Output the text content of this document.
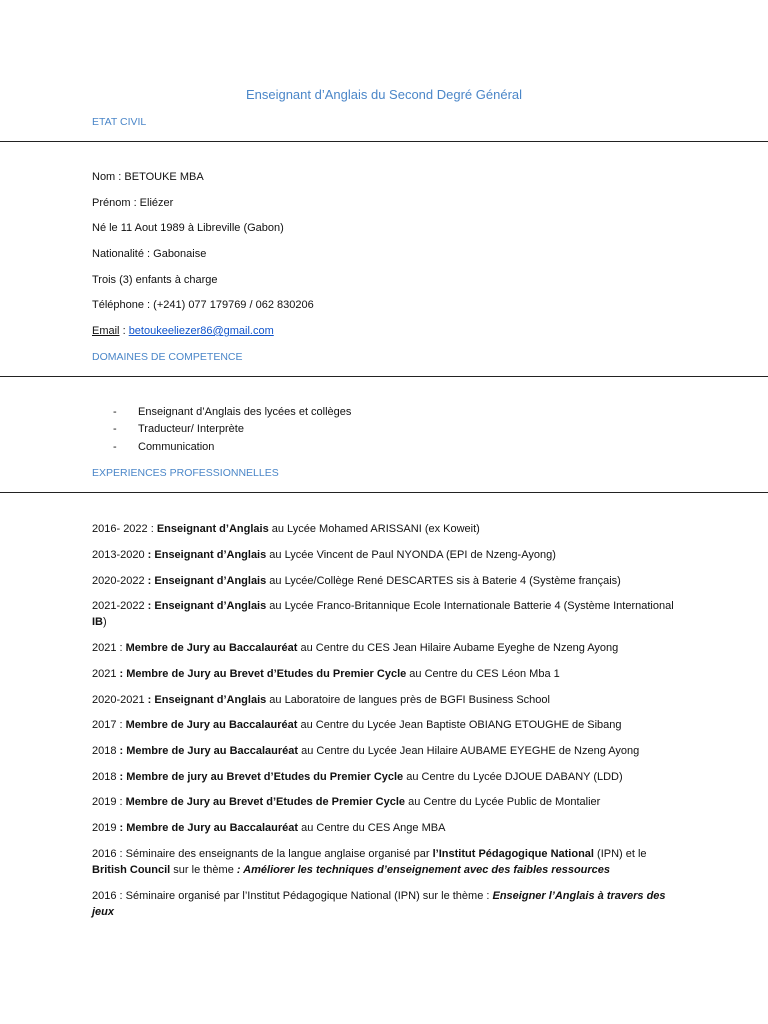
Enseignant d’Anglais du Second Degré Général
ETAT CIVIL
Nom : BETOUKE MBA
Prénom : Eliézer
Né le 11 Aout 1989 à Libreville (Gabon)
Nationalité : Gabonaise
Trois (3) enfants à charge
Téléphone : (+241) 077 179769 / 062 830206
Email : betoukeeliezer86@gmail.com
DOMAINES DE COMPETENCE
- Enseignant d’Anglais des lycées et collèges
- Traducteur/ Interprète
- Communication
EXPERIENCES PROFESSIONNELLES
2016- 2022 : Enseignant d’Anglais au Lycée Mohamed ARISSANI (ex Koweit)
2013-2020 : Enseignant d’Anglais au Lycée Vincent de Paul NYONDA (EPI de Nzeng-Ayong)
2020-2022 : Enseignant d’Anglais au Lycée/Collège René DESCARTES sis à Baterie 4 (Système français)
2021-2022 : Enseignant d’Anglais au Lycée Franco-Britannique Ecole Internationale Batterie 4 (Système International IB)
2021 : Membre de Jury au Baccalauréat au Centre du CES Jean Hilaire Aubame Eyeghe de Nzeng Ayong
2021 : Membre de Jury au Brevet d’Etudes du Premier Cycle au Centre du CES Léon Mba 1
2020-2021 : Enseignant d’Anglais au Laboratoire de langues près de BGFI Business School
2017 : Membre de Jury au Baccalauréat au Centre du Lycée Jean Baptiste OBIANG ETOUGHE de Sibang
2018 : Membre de Jury au Baccalauréat au Centre du Lycée Jean Hilaire AUBAME EYEGHE de Nzeng Ayong
2018 : Membre de jury au Brevet d’Etudes du Premier Cycle au Centre du Lycée DJOUE DABANY (LDD)
2019 : Membre de Jury au Brevet d’Etudes de Premier Cycle au Centre du Lycée Public de Montalier
2019 : Membre de Jury au Baccalauréat au Centre du CES Ange MBA
2016 : Séminaire des enseignants de la langue anglaise organisé par l’Institut Pédagogique National (IPN) et le British Council sur le thème : Améliorer les techniques d’enseignement avec des faibles ressources
2016 : Séminaire organisé par l’Institut Pédagogique National (IPN) sur le thème : Enseigner l’Anglais à travers des jeux
